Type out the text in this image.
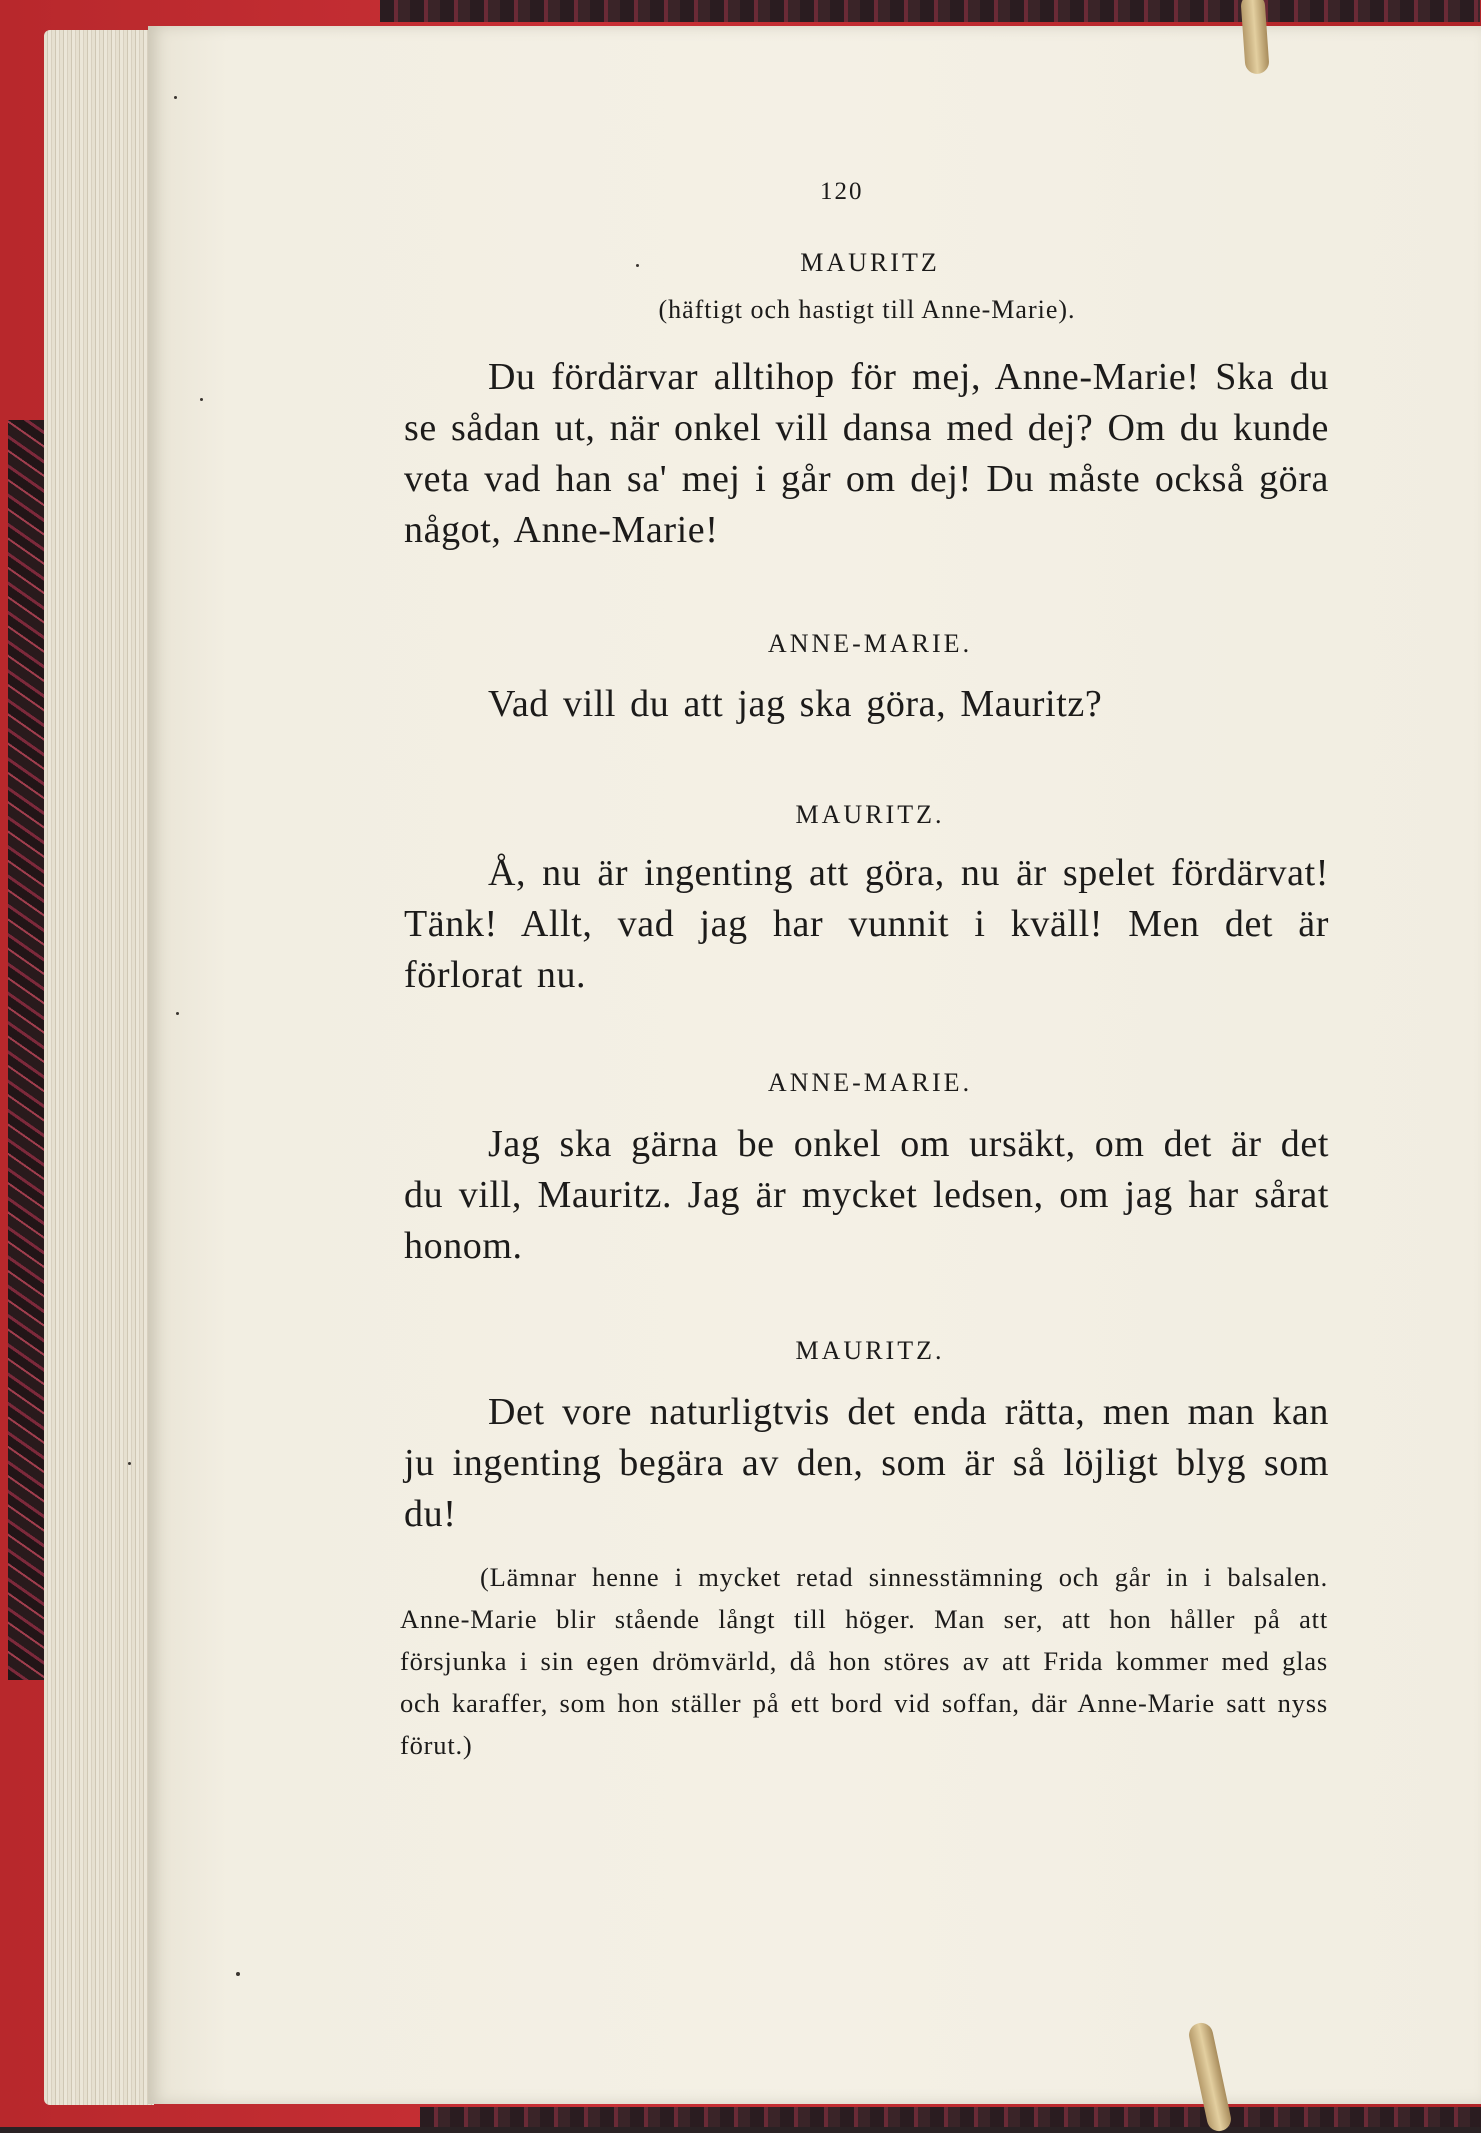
120
MAURITZ
(häftigt och hastigt till Anne-Marie).

Du fördärvar alltihop för mej, Anne-Marie! Ska du se sådan ut, när onkel vill dansa med dej? Om du kunde veta vad han sa' mej i går om dej! Du måste också göra något, Anne-Marie!

ANNE-MARIE.

Vad vill du att jag ska göra, Mauritz?

MAURITZ.

Å, nu är ingenting att göra, nu är spelet fördärvat! Tänk! Allt, vad jag har vunnit i kväll! Men det är förlorat nu.

ANNE-MARIE.

Jag ska gärna be onkel om ursäkt, om det är det du vill, Mauritz. Jag är mycket ledsen, om jag har sårat honom.

MAURITZ.

Det vore naturligtvis det enda rätta, men man kan ju ingenting begära av den, som är så löjligt blyg som du!

(Lämnar henne i mycket retad sinnesstämning och går in i balsalen. Anne-Marie blir stående långt till höger. Man ser, att hon håller på att försjunka i sin egen drömvärld, då hon störes av att Frida kommer med glas och karaffer, som hon ställer på ett bord vid soffan, där Anne-Marie satt nyss förut.)
